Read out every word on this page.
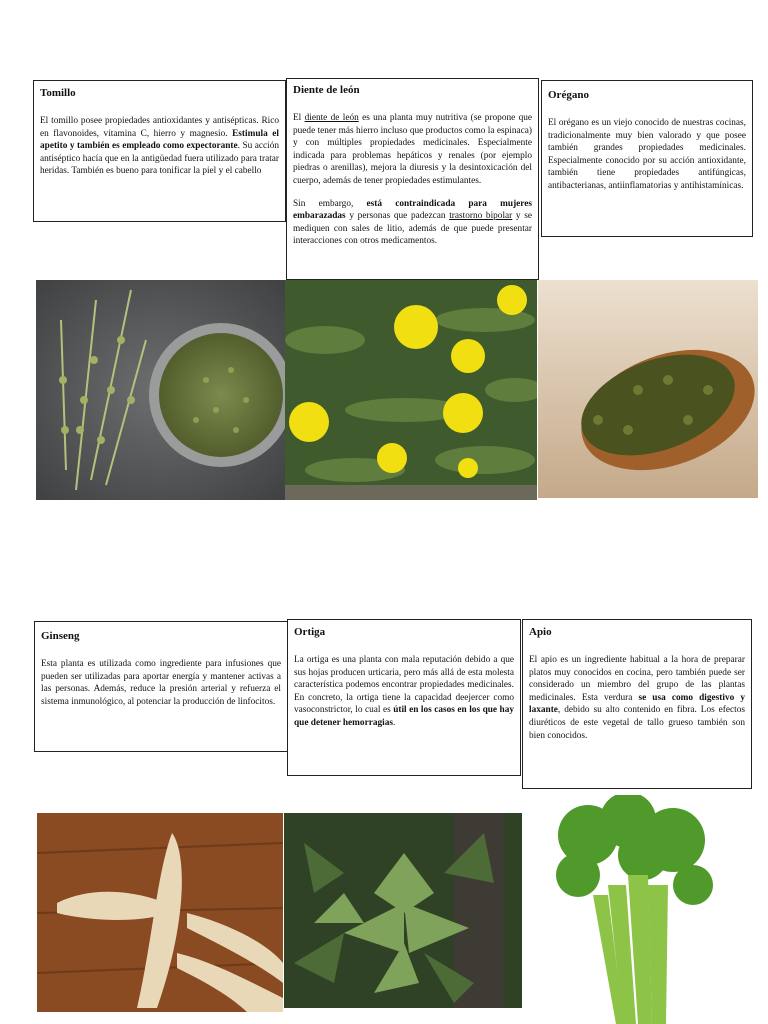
Tomillo

El tomillo posee propiedades antioxidantes y antisépticas. Rico en flavonoides, vitamina C, hierro y magnesio. Estimula el apetito y también es empleado como expectorante. Su acción antiséptico hacía que en la antigüedad fuera utilizado para tratar heridas. También es bueno para tonificar la piel y el cabello

Diente de león

El diente de león es una planta muy nutritiva (se propone que puede tener más hierro incluso que productos como la espinaca) y con múltiples propiedades medicinales. Especialmente indicada para problemas hepáticos y renales (por ejemplo piedras o arenillas), mejora la diuresis y la desintoxicación del cuerpo, además de tener propiedades estimulantes.

Sin embargo, está contraindicada para mujeres embarazadas y personas que padezcan trastorno bipolar y se mediquen con sales de litio, además de que puede presentar interacciones con otros medicamentos.

Orégano

El orégano es un viejo conocido de nuestras cocinas, tradicionalmente muy bien valorado y que posee también grandes propiedades medicinales. Especialmente conocido por su acción antioxidante, también tiene propiedades antifúngicas, antibacterianas, antiinflamatorias y antihistamínicas.

Ginseng

Esta planta es utilizada como ingrediente para infusiones que pueden ser utilizadas para aportar energía y mantener activas a las personas. Además, reduce la presión arterial y refuerza el sistema inmunológico, al potenciar la producción de linfocitos.

Ortiga

La ortiga es una planta con mala reputación debido a que sus hojas producen urticaria, pero más allá de esta molesta característica podemos encontrar propiedades medicinales. En concreto, la ortiga tiene la capacidad deejercer como vasoconstrictor, lo cual es útil en los casos en los que hay que detener hemorragias.

Apio

El apio es un ingrediente habitual a la hora de preparar platos muy conocidos en cocina, pero también puede ser considerado un miembro del grupo de las plantas medicinales. Esta verdura se usa como digestivo y laxante, debido su alto contenido en fibra. Los efectos diuréticos de este vegetal de tallo grueso también son bien conocidos.
